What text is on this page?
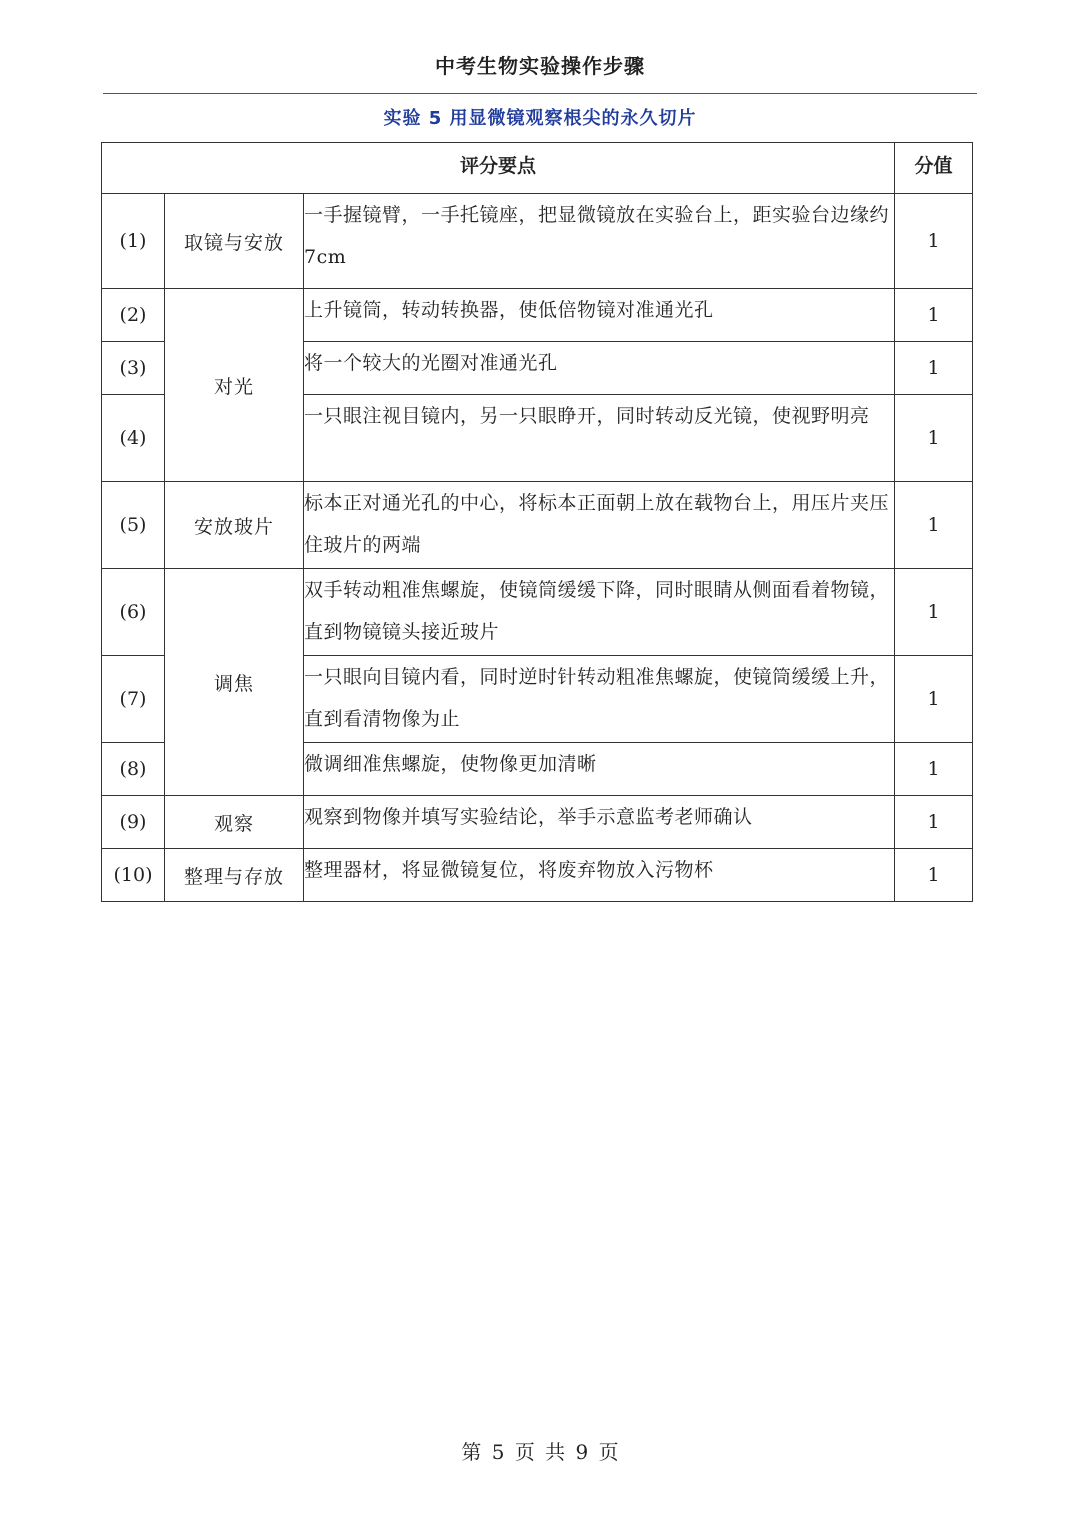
中考生物实验操作步骤
实验 5 用显微镜观察根尖的永久切片
评分要点			分值
(1)	取镜与安放	一手握镜臂，一手托镜座，把显微镜放在实验台上，距实验台边缘约7cm	1
(2)	对光	上升镜筒，转动转换器，使低倍物镜对准通光孔	1
(3)		将一个较大的光圈对准通光孔	1
(4)		一只眼注视目镜内，另一只眼睁开，同时转动反光镜，使视野明亮	1
(5)	安放玻片	标本正对通光孔的中心，将标本正面朝上放在载物台上，用压片夹压住玻片的两端	1
(6)	调焦	双手转动粗准焦螺旋，使镜筒缓缓下降，同时眼睛从侧面看着物镜，直到物镜镜头接近玻片	1
(7)		一只眼向目镜内看，同时逆时针转动粗准焦螺旋，使镜筒缓缓上升，直到看清物像为止	1
(8)		微调细准焦螺旋，使物像更加清晰	1
(9)	观察	观察到物像并填写实验结论，举手示意监考老师确认	1
(10)	整理与存放	整理器材，将显微镜复位，将废弃物放入污物杯	1
第 5 页 共 9 页
